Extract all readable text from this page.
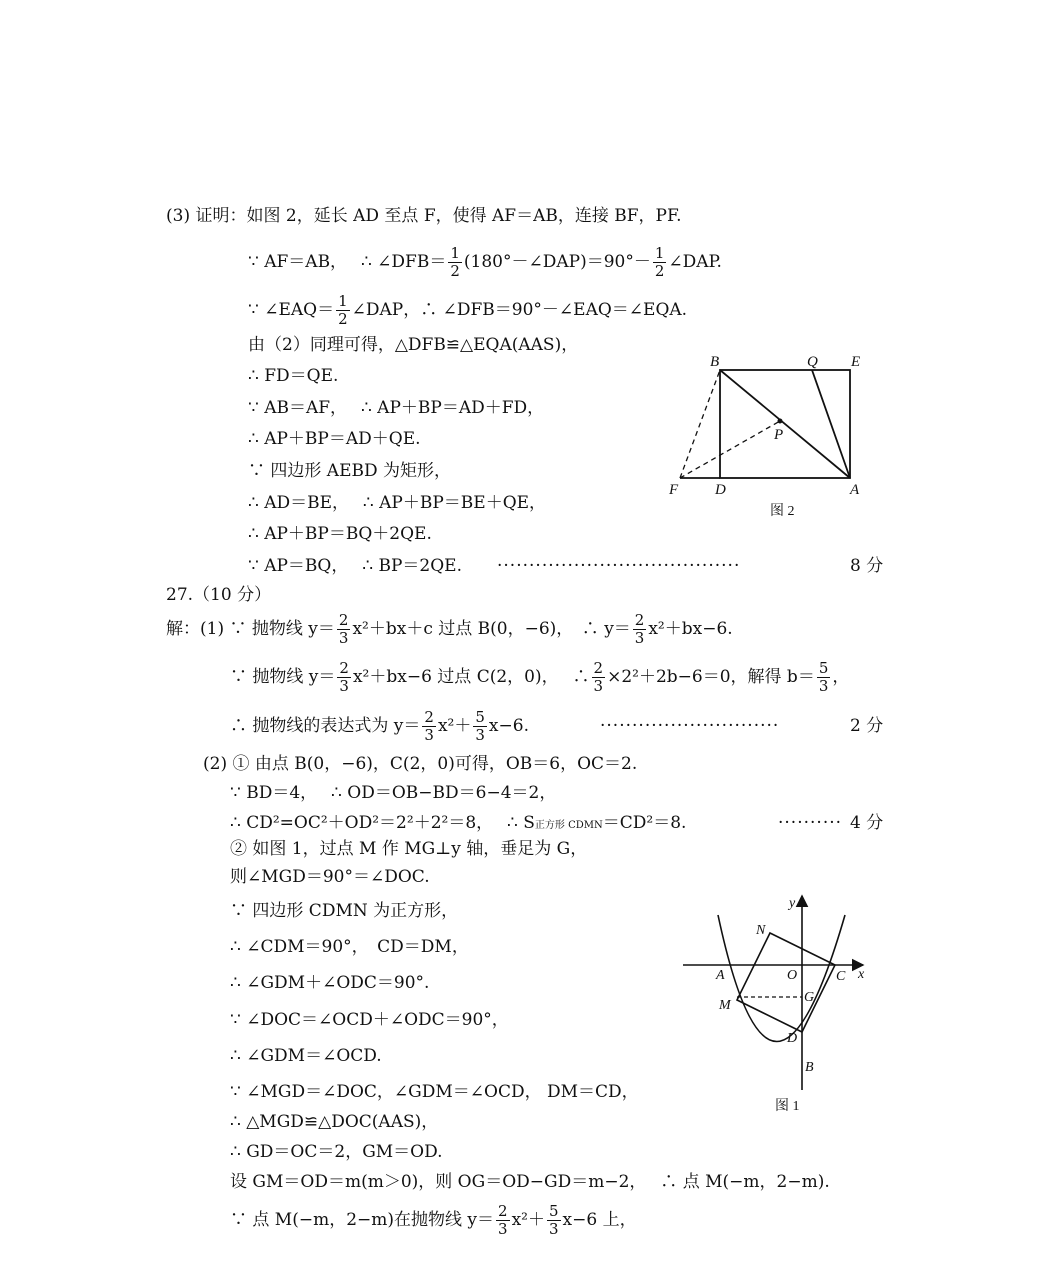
(3) 证明：如图 2，延长 AD 至点 F，使得 AF＝AB，连接 BF，PF.
∵ AF＝AB，　 ∴ ∠DFB＝ $\frac{1}{2}$ (180°－∠DAP)＝90°－ $\frac{1}{2}$ ∠DAP.
∵ ∠EAQ＝ $\frac{1}{2}$ ∠DAP，∴ ∠DFB＝90°－∠EAQ＝∠EQA.
由（2）同理可得，△DFB≌△EQA(AAS)，
∴ FD＝QE.
∵ AB＝AF，　 ∴ AP＋BP＝AD＋FD，
∴ AP＋BP＝AD＋QE.
∵ 四边形 AEBD 为矩形，
∴ AD＝BE，　 ∴ AP＋BP＝BE＋QE，
∴ AP＋BP＝BQ＋2QE.
∵ AP＝BQ，　 ∴ BP＝2QE. ······································	8 分
B	Q E
P
F D	A
图 2
27.（10 分）
解：(1) ∵ 抛物线 $y= \frac{2}{3} x^2+bx+c$ 过点 B(0，−6)，　∴ $y= \frac{2}{3} x^2+bx-6$.
∵ 抛物线 $y= \frac{2}{3} x^2+bx-6$ 过点 C(2，0)，　 ∴ $\frac{2}{3} \times 2^2+2b-6=0$，解得 $b= \frac{5}{3}$ ，
∴ 抛物线的表达式为 $y= \frac{2}{3} x^2+ \frac{5}{3} x-6$.	····························	2 分
(2) ① 由点 B(0，−6)，C(2，0)可得，OB＝6，OC＝2.
∵ BD＝4，　 ∴ OD＝OB−BD＝6−4＝2，
∴ CD²=OC²＋OD²＝2²＋2²＝8，　 ∴ S正方形 CDMN＝CD²＝8.	·········· 4 分
② 如图 1，过点 M 作 MG⊥y 轴，垂足为 G，
则∠MGD＝90°＝∠DOC.
∵ 四边形 CDMN 为正方形，
∴ ∠CDM＝90°，　CD＝DM，
∴ ∠GDM＋∠ODC＝90°.
∵ ∠DOC＝∠OCD＋∠ODC＝90°，
∴ ∠GDM＝∠OCD.
∵ ∠MGD＝∠DOC，∠GDM＝∠OCD， DM＝CD，
∴ △MGD≌△DOC(AAS)，
∴ GD＝OC＝2，GM＝OD.
设 GM＝OD＝m(m＞0)，则 OG＝OD−GD＝m−2，　 ∴ 点 M(−m，2−m).
∵ 点 M(−m，2−m)在抛物线 $y= \frac{2}{3} x^2+ \frac{5}{3} x-6$ 上，
y
x
N
A	O	C
M
G
D
B
图 1
